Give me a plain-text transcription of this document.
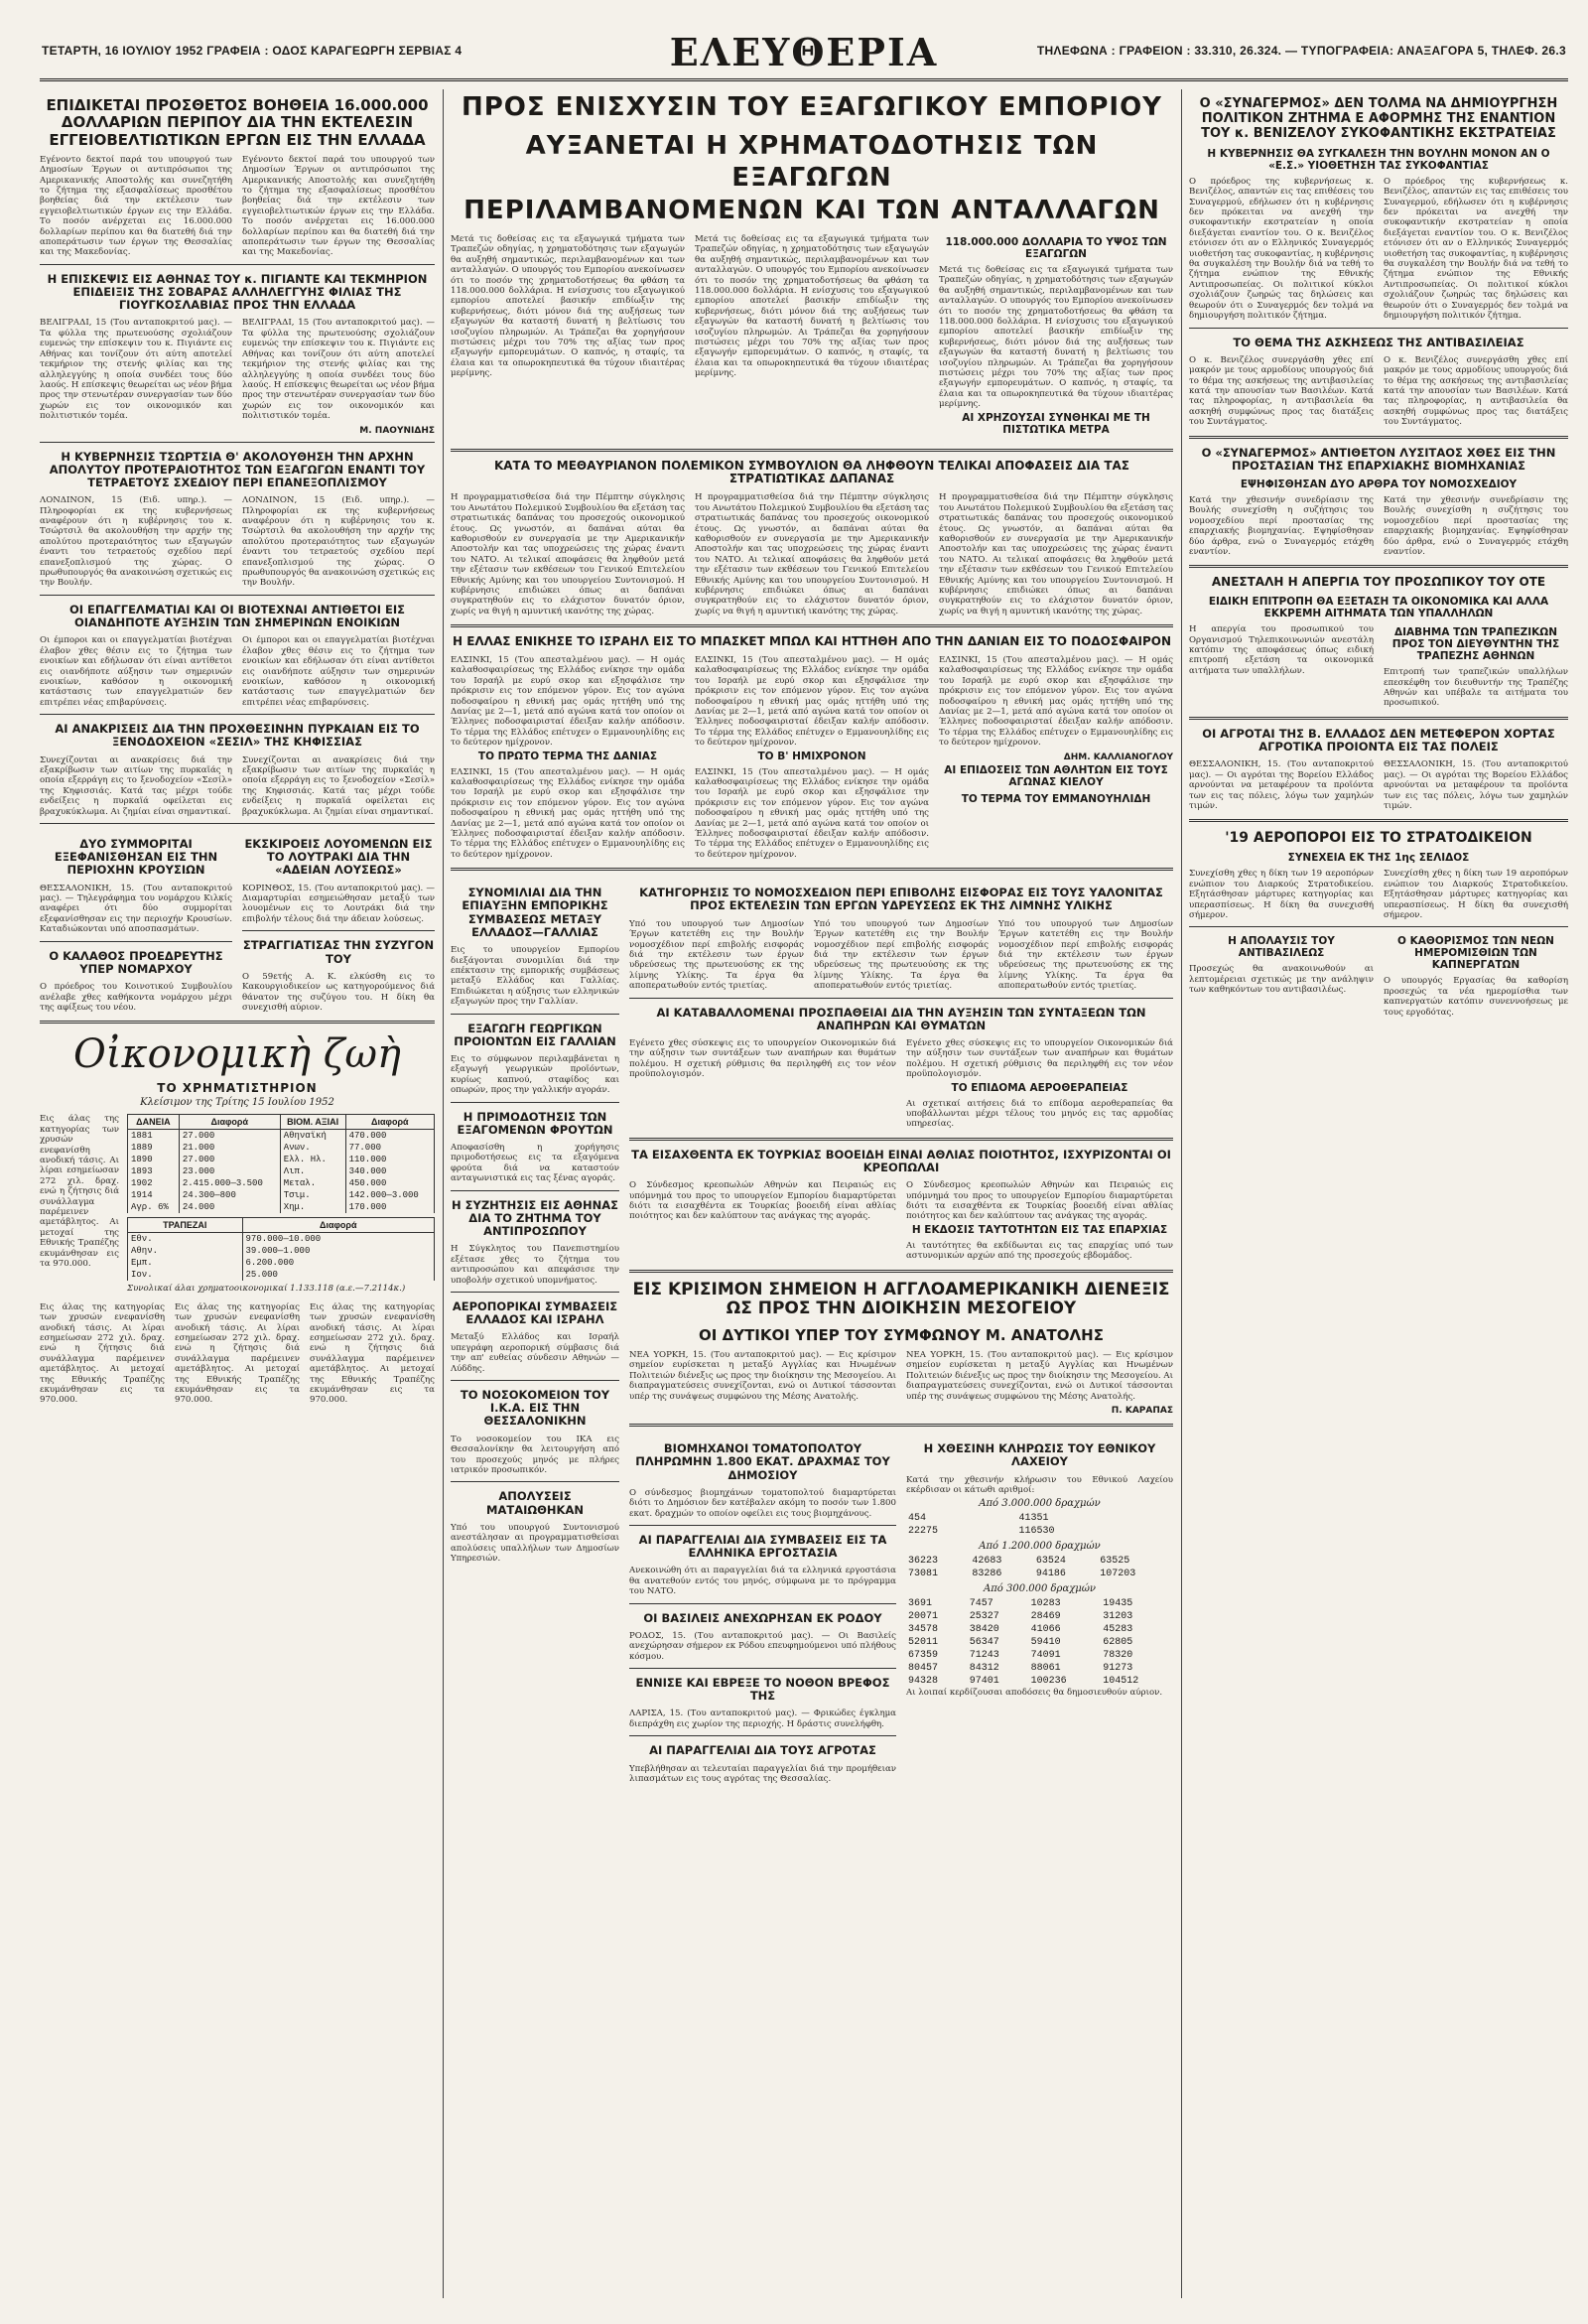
ΤΕΤΑΡΤΗ, 16 ΙΟΥΛΙΟΥ 1952 ΓΡΑΦΕΙΑ : ΟΔΟΣ ΚΑΡΑΓΕΩΡΓΗ ΣΕΡΒΙΑΣ 4	ΕΛΕΥΘΕΡΙΑ	ΤΗΛΕΦΩΝΑ : ΓΡΑΦΕΙΟΝ : 33.310, 26.324. — ΤΥΠΟΓΡΑΦΕΙΑ: ΑΝΑΞΑΓΟΡΑ 5, ΤΗΛΕΦ. 26.3
ΕΠΙΔΙΚΕΤΑΙ ΠΡΟΣΘΕΤΟΣ ΒΟΗΘΕΙΑ 16.000.000 ΔΟΛΛΑΡΙΩΝ ΠΕΡΙΠΟΥ ΔΙΑ ΤΗΝ ΕΚΤΕΛΕΣΙΝ ΕΓΓΕΙΟΒΕΛΤΙΩΤΙΚΩΝ ΕΡΓΩΝ ΕΙΣ ΤΗΝ ΕΛΛΑΔΑ
Εγένοντο δεκτοί παρά του υπουργού των Δημοσίων Έργων οι αντιπρόσωποι της Αμερικανικής Αποστολής και συνεζητήθη το ζήτημα της εξασφαλίσεως προσθέτου βοηθείας διά την εκτέλεσιν των εγγειοβελτιωτικών έργων εις την Ελλάδα. Το ποσόν ανέρχεται εις 16.000.000 δολλαρίων περίπου και θα διατεθή διά την αποπεράτωσιν των έργων της Θεσσαλίας και της Μακεδονίας.
Εγένοντο δεκτοί παρά του υπουργού των Δημοσίων Έργων οι αντιπρόσωποι της Αμερικανικής Αποστολής και συνεζητήθη το ζήτημα της εξασφαλίσεως προσθέτου βοηθείας διά την εκτέλεσιν των εγγειοβελτιωτικών έργων εις την Ελλάδα. Το ποσόν ανέρχεται εις 16.000.000 δολλαρίων περίπου και θα διατεθή διά την αποπεράτωσιν των έργων της Θεσσαλίας και της Μακεδονίας.
Η ΕΠΙΣΚΕΨΙΣ ΕΙΣ ΑΘΗΝΑΣ ΤΟΥ κ. ΠΙΓΙΑΝΤΕ ΚΑΙ ΤΕΚΜΗΡΙΟΝ ΕΠΙΔΕΙΞΙΣ ΤΗΣ ΣΟΒΑΡΑΣ ΑΛΛΗΛΕΓΓΥΗΣ ΦΙΛΙΑΣ ΤΗΣ ΓΙΟΥΓΚΟΣΛΑΒΙΑΣ ΠΡΟΣ ΤΗΝ ΕΛΛΑΔΑ
ΒΕΛΙΓΡΑΔΙ, 15 (Του ανταποκριτού μας). — Τα φύλλα της πρωτευούσης σχολιάζουν ευμενώς την επίσκεψιν του κ. Πιγιάντε εις Αθήνας και τονίζουν ότι αύτη αποτελεί τεκμήριον της στενής φιλίας και της αλληλεγγύης η οποία συνδέει τους δύο λαούς. Η επίσκεψις θεωρείται ως νέον βήμα προς την στενωτέραν συνεργασίαν των δύο χωρών εις τον οικονομικόν και πολιτιστικόν τομέα.
ΒΕΛΙΓΡΑΔΙ, 15 (Του ανταποκριτού μας). — Τα φύλλα της πρωτευούσης σχολιάζουν ευμενώς την επίσκεψιν του κ. Πιγιάντε εις Αθήνας και τονίζουν ότι αύτη αποτελεί τεκμήριον της στενής φιλίας και της αλληλεγγύης η οποία συνδέει τους δύο λαούς. Η επίσκεψις θεωρείται ως νέον βήμα προς την στενωτέραν συνεργασίαν των δύο χωρών εις τον οικονομικόν και πολιτιστικόν τομέα.
Μ. ΠΑΟΥΝΙΔΗΣ
Η ΚΥΒΕΡΝΗΣΙΣ ΤΣΩΡΤΣΙΑ Θ' ΑΚΟΛΟΥΘΗΣΗ ΤΗΝ ΑΡΧΗΝ ΑΠΟΛΥΤΟΥ ΠΡΟΤΕΡΑΙΟΤΗΤΟΣ ΤΩΝ ΕΞΑΓΩΓΩΝ ΕΝΑΝΤΙ ΤΟΥ ΤΕΤΡΑΕΤΟΥΣ ΣΧΕΔΙΟΥ ΠΕΡΙ ΕΠΑΝΕΞΟΠΛΙΣΜΟΥ
ΛΟΝΔΙΝΟΝ, 15 (Ειδ. υπηρ.). — Πληροφορίαι εκ της κυβερνήσεως αναφέρουν ότι η κυβέρνησις του κ. Τσώρτσιλ θα ακολουθήση την αρχήν της απολύτου προτεραιότητος των εξαγωγών έναντι του τετραετούς σχεδίου περί επανεξοπλισμού της χώρας. Ο πρωθυπουργός θα ανακοινώση σχετικώς εις την Βουλήν.
ΛΟΝΔΙΝΟΝ, 15 (Ειδ. υπηρ.). — Πληροφορίαι εκ της κυβερνήσεως αναφέρουν ότι η κυβέρνησις του κ. Τσώρτσιλ θα ακολουθήση την αρχήν της απολύτου προτεραιότητος των εξαγωγών έναντι του τετραετούς σχεδίου περί επανεξοπλισμού της χώρας. Ο πρωθυπουργός θα ανακοινώση σχετικώς εις την Βουλήν.
ΟΙ ΕΠΑΓΓΕΛΜΑΤΙΑΙ ΚΑΙ ΟΙ ΒΙΟΤΕΧΝΑΙ ΑΝΤΙΘΕΤΟΙ ΕΙΣ ΟΙΑΝΔΗΠΟΤΕ ΑΥΞΗΣΙΝ ΤΩΝ ΣΗΜΕΡΙΝΩΝ ΕΝΟΙΚΙΩΝ
Οι έμποροι και οι επαγγελματίαι βιοτέχναι έλαβον χθες θέσιν εις το ζήτημα των ενοικίων και εδήλωσαν ότι είναι αντίθετοι εις οιανδήποτε αύξησιν των σημερινών ενοικίων, καθόσον η οικονομική κατάστασις των επαγγελματιών δεν επιτρέπει νέας επιβαρύνσεις.
Οι έμποροι και οι επαγγελματίαι βιοτέχναι έλαβον χθες θέσιν εις το ζήτημα των ενοικίων και εδήλωσαν ότι είναι αντίθετοι εις οιανδήποτε αύξησιν των σημερινών ενοικίων, καθόσον η οικονομική κατάστασις των επαγγελματιών δεν επιτρέπει νέας επιβαρύνσεις.
ΑΙ ΑΝΑΚΡΙΣΕΙΣ ΔΙΑ ΤΗΝ ΠΡΟΧΘΕΣΙΝΗΝ ΠΥΡΚΑΙΑΝ ΕΙΣ ΤΟ ΞΕΝΟΔΟΧΕΙΟΝ «ΣΕΣΙΛ» ΤΗΣ ΚΗΦΙΣΣΙΑΣ
Συνεχίζονται αι ανακρίσεις διά την εξακρίβωσιν των αιτίων της πυρκαϊάς η οποία εξερράγη εις το ξενοδοχείον «Σεσίλ» της Κηφισσιάς. Κατά τας μέχρι τούδε ενδείξεις η πυρκαϊά οφείλεται εις βραχυκύκλωμα. Αι ζημίαι είναι σημαντικαί.
Συνεχίζονται αι ανακρίσεις διά την εξακρίβωσιν των αιτίων της πυρκαϊάς η οποία εξερράγη εις το ξενοδοχείον «Σεσίλ» της Κηφισσιάς. Κατά τας μέχρι τούδε ενδείξεις η πυρκαϊά οφείλεται εις βραχυκύκλωμα. Αι ζημίαι είναι σημαντικαί.
ΔΥΟ ΣΥΜΜΟΡΙΤΑΙ ΕΞΕΦΑΝΙΣΘΗΣΑΝ ΕΙΣ ΤΗΝ ΠΕΡΙΟΧΗΝ ΚΡΟΥΣΙΩΝ
ΘΕΣΣΑΛΟΝΙΚΗ, 15. (Του ανταποκριτού μας). — Τηλεγράφημα του νομάρχου Κιλκίς αναφέρει ότι δύο συμμορίται εξεφανίσθησαν εις την περιοχήν Κρουσίων. Καταδιώκονται υπό αποσπασμάτων.
Ο ΚΑΛΑΘΟΣ ΠΡΟΕΔΡΕΥΤΗΣ ΥΠΕΡ ΝΟΜΑΡΧΟΥ
Ο πρόεδρος του Κοινοτικού Συμβουλίου ανέλαβε χθες καθήκοντα νομάρχου μέχρι της αφίξεως του νέου.
ΕΚΣΚΙΡΟΕΙΣ ΛΟΥΟΜΕΝΩΝ ΕΙΣ ΤΟ ΛΟΥΤΡΑΚΙ ΔΙΑ ΤΗΝ «ΑΔΕΙΑΝ ΛΟΥΣΕΩΣ»
ΚΟΡΙΝΘΟΣ, 15. (Του ανταποκριτού μας). — Διαμαρτυρίαι εσημειώθησαν μεταξύ των λουομένων εις το Λουτράκι διά την επιβολήν τέλους διά την άδειαν λούσεως.
ΣΤΡΑΓΓΙΑΤΙΣΑΣ ΤΗΝ ΣΥΖΥΓΟΝ ΤΟΥ
Ο 59ετής Α. Κ. ελκύσθη εις το Κακουργιοδικείον ως κατηγορούμενος διά θάνατον της συζύγου του. Η δίκη θα συνεχισθή αύριον.
Οἰκονομικὴ ζωὴ
ΤΟ ΧΡΗΜΑΤΙΣΤΗΡΙΟΝ
Κλείσιμον της Τρίτης 15 Ιουλίου 1952
Εις άλας της κατηγορίας των χρυσών ενεφανίσθη ανοδική τάσις. Αι λίραι εσημείωσαν 272 χιλ. δραχ. ενώ η ζήτησις διά συνάλλαγμα παρέμεινεν αμετάβλητος. Αι μετοχαί της Εθνικής Τραπέζης εκυμάνθησαν εις τα 970.000.
ΔΑΝΕΙΑ	Διαφορά	ΒΙΟΜ. ΑΞΙΑΙ	Διαφορά
1881	27.000	Αθηναϊκή	470.000
1889	21.000	Ανων.	77.000
1890	27.000	Ελλ. Ηλ.	110.000
1893	23.000	Λιπ.	340.000
1902	2.415.000—3.500	Μεταλ.	450.000
1914	24.300—800	Τσιμ.	142.000—3.000
Αγρ. 6%	24.000	Χημ.	170.000
ΤΡΑΠΕΖΑΙ	Διαφορά
Εθν.	970.000—10.000
Αθην.	39.000—1.000
Εμπ.	6.200.000
Ιον.	25.000
Συνολικαί άλαι χρηματοοικονομικαί 1.133.118 (α.ε.—7.2114κ.)
Εις άλας της κατηγορίας των χρυσών ενεφανίσθη ανοδική τάσις. Αι λίραι εσημείωσαν 272 χιλ. δραχ. ενώ η ζήτησις διά συνάλλαγμα παρέμεινεν αμετάβλητος. Αι μετοχαί της Εθνικής Τραπέζης εκυμάνθησαν εις τα 970.000.
Εις άλας της κατηγορίας των χρυσών ενεφανίσθη ανοδική τάσις. Αι λίραι εσημείωσαν 272 χιλ. δραχ. ενώ η ζήτησις διά συνάλλαγμα παρέμεινεν αμετάβλητος. Αι μετοχαί της Εθνικής Τραπέζης εκυμάνθησαν εις τα 970.000.
Εις άλας της κατηγορίας των χρυσών ενεφανίσθη ανοδική τάσις. Αι λίραι εσημείωσαν 272 χιλ. δραχ. ενώ η ζήτησις διά συνάλλαγμα παρέμεινεν αμετάβλητος. Αι μετοχαί της Εθνικής Τραπέζης εκυμάνθησαν εις τα 970.000.
ΠΡΟΣ ΕΝΙΣΧΥΣΙΝ ΤΟΥ ΕΞΑΓΩΓΙΚΟΥ ΕΜΠΟΡΙΟΥ
ΑΥΞΑΝΕΤΑΙ Η ΧΡΗΜΑΤΟΔΟΤΗΣΙΣ ΤΩΝ ΕΞΑΓΩΓΩΝ
ΠΕΡΙΛΑΜΒΑΝΟΜΕΝΩΝ ΚΑΙ ΤΩΝ ΑΝΤΑΛΛΑΓΩΝ
Μετά τις δοθείσας εις τα εξαγωγικά τμήματα των Τραπεζών οδηγίας, η χρηματοδότησις των εξαγωγών θα αυξηθή σημαντικώς, περιλαμβανομένων και των ανταλλαγών. Ο υπουργός του Εμπορίου ανεκοίνωσεν ότι το ποσόν της χρηματοδοτήσεως θα φθάση τα 118.000.000 δολλάρια. Η ενίσχυσις του εξαγωγικού εμπορίου αποτελεί βασικήν επιδίωξιν της κυβερνήσεως, διότι μόνον διά της αυξήσεως των εξαγωγών θα καταστή δυνατή η βελτίωσις του ισοζυγίου πληρωμών. Αι Τράπεζαι θα χορηγήσουν πιστώσεις μέχρι του 70% της αξίας των προς εξαγωγήν εμπορευμάτων. Ο καπνός, η σταφίς, τα έλαια και τα οπωροκηπευτικά θα τύχουν ιδιαιτέρας μερίμνης.
Μετά τις δοθείσας εις τα εξαγωγικά τμήματα των Τραπεζών οδηγίας, η χρηματοδότησις των εξαγωγών θα αυξηθή σημαντικώς, περιλαμβανομένων και των ανταλλαγών. Ο υπουργός του Εμπορίου ανεκοίνωσεν ότι το ποσόν της χρηματοδοτήσεως θα φθάση τα 118.000.000 δολλάρια. Η ενίσχυσις του εξαγωγικού εμπορίου αποτελεί βασικήν επιδίωξιν της κυβερνήσεως, διότι μόνον διά της αυξήσεως των εξαγωγών θα καταστή δυνατή η βελτίωσις του ισοζυγίου πληρωμών. Αι Τράπεζαι θα χορηγήσουν πιστώσεις μέχρι του 70% της αξίας των προς εξαγωγήν εμπορευμάτων. Ο καπνός, η σταφίς, τα έλαια και τα οπωροκηπευτικά θα τύχουν ιδιαιτέρας μερίμνης.
118.000.000 ΔΟΛΛΑΡΙΑ ΤΟ ΥΨΟΣ ΤΩΝ ΕΞΑΓΩΓΩΝ
Μετά τις δοθείσας εις τα εξαγωγικά τμήματα των Τραπεζών οδηγίας, η χρηματοδότησις των εξαγωγών θα αυξηθή σημαντικώς, περιλαμβανομένων και των ανταλλαγών. Ο υπουργός του Εμπορίου ανεκοίνωσεν ότι το ποσόν της χρηματοδοτήσεως θα φθάση τα 118.000.000 δολλάρια. Η ενίσχυσις του εξαγωγικού εμπορίου αποτελεί βασικήν επιδίωξιν της κυβερνήσεως, διότι μόνον διά της αυξήσεως των εξαγωγών θα καταστή δυνατή η βελτίωσις του ισοζυγίου πληρωμών. Αι Τράπεζαι θα χορηγήσουν πιστώσεις μέχρι του 70% της αξίας των προς εξαγωγήν εμπορευμάτων. Ο καπνός, η σταφίς, τα έλαια και τα οπωροκηπευτικά θα τύχουν ιδιαιτέρας μερίμνης.
ΑΙ ΧΡΗΖΟΥΣΑΙ ΣΥΝΘΗΚΑΙ ΜΕ ΤΗ ΠΙΣΤΩΤΙΚΑ ΜΕΤΡΑ
ΚΑΤΑ ΤΟ ΜΕΘΑΥΡΙΑΝΟΝ ΠΟΛΕΜΙΚΟΝ ΣΥΜΒΟΥΛΙΟΝ ΘΑ ΛΗΦΘΟΥΝ ΤΕΛΙΚΑΙ ΑΠΟΦΑΣΕΙΣ ΔΙΑ ΤΑΣ ΣΤΡΑΤΙΩΤΙΚΑΣ ΔΑΠΑΝΑΣ
Η προγραμματισθείσα διά την Πέμπτην σύγκλησις του Ανωτάτου Πολεμικού Συμβουλίου θα εξετάση τας στρατιωτικάς δαπάνας του προσεχούς οικονομικού έτους. Ως γνωστόν, αι δαπάναι αύται θα καθορισθούν εν συνεργασία με την Αμερικανικήν Αποστολήν και τας υποχρεώσεις της χώρας έναντι του ΝΑΤΟ. Αι τελικαί αποφάσεις θα ληφθούν μετά την εξέτασιν των εκθέσεων του Γενικού Επιτελείου Εθνικής Αμύνης και του υπουργείου Συντονισμού. Η κυβέρνησις επιδιώκει όπως αι δαπάναι συγκρατηθούν εις το ελάχιστον δυνατόν όριον, χωρίς να θιγή η αμυντική ικανότης της χώρας.
Η προγραμματισθείσα διά την Πέμπτην σύγκλησις του Ανωτάτου Πολεμικού Συμβουλίου θα εξετάση τας στρατιωτικάς δαπάνας του προσεχούς οικονομικού έτους. Ως γνωστόν, αι δαπάναι αύται θα καθορισθούν εν συνεργασία με την Αμερικανικήν Αποστολήν και τας υποχρεώσεις της χώρας έναντι του ΝΑΤΟ. Αι τελικαί αποφάσεις θα ληφθούν μετά την εξέτασιν των εκθέσεων του Γενικού Επιτελείου Εθνικής Αμύνης και του υπουργείου Συντονισμού. Η κυβέρνησις επιδιώκει όπως αι δαπάναι συγκρατηθούν εις το ελάχιστον δυνατόν όριον, χωρίς να θιγή η αμυντική ικανότης της χώρας.
Η προγραμματισθείσα διά την Πέμπτην σύγκλησις του Ανωτάτου Πολεμικού Συμβουλίου θα εξετάση τας στρατιωτικάς δαπάνας του προσεχούς οικονομικού έτους. Ως γνωστόν, αι δαπάναι αύται θα καθορισθούν εν συνεργασία με την Αμερικανικήν Αποστολήν και τας υποχρεώσεις της χώρας έναντι του ΝΑΤΟ. Αι τελικαί αποφάσεις θα ληφθούν μετά την εξέτασιν των εκθέσεων του Γενικού Επιτελείου Εθνικής Αμύνης και του υπουργείου Συντονισμού. Η κυβέρνησις επιδιώκει όπως αι δαπάναι συγκρατηθούν εις το ελάχιστον δυνατόν όριον, χωρίς να θιγή η αμυντική ικανότης της χώρας.
Η ΕΛΛΑΣ ΕΝΙΚΗΣΕ ΤΟ ΙΣΡΑΗΛ ΕΙΣ ΤΟ ΜΠΑΣΚΕΤ ΜΠΩΛ ΚΑΙ ΗΤΤΗΘΗ ΑΠΟ ΤΗΝ ΔΑΝΙΑΝ ΕΙΣ ΤΟ ΠΟΔΟΣΦΑΙΡΟΝ
ΕΛΣΙΝΚΙ, 15 (Του απεσταλμένου μας). — Η ομάς καλαθοσφαιρίσεως της Ελλάδος ενίκησε την ομάδα του Ισραήλ με ευρύ σκορ και εξησφάλισε την πρόκρισιν εις τον επόμενον γύρον. Εις τον αγώνα ποδοσφαίρου η εθνική μας ομάς ηττήθη υπό της Δανίας με 2—1, μετά από αγώνα κατά τον οποίον οι Έλληνες ποδοσφαιρισταί έδειξαν καλήν απόδοσιν. Το τέρμα της Ελλάδος επέτυχεν ο Εμμανουηλίδης εις το δεύτερον ημίχρονον.
ΤΟ ΠΡΩΤΟ ΤΕΡΜΑ ΤΗΣ ΔΑΝΙΑΣ
ΕΛΣΙΝΚΙ, 15 (Του απεσταλμένου μας). — Η ομάς καλαθοσφαιρίσεως της Ελλάδος ενίκησε την ομάδα του Ισραήλ με ευρύ σκορ και εξησφάλισε την πρόκρισιν εις τον επόμενον γύρον. Εις τον αγώνα ποδοσφαίρου η εθνική μας ομάς ηττήθη υπό της Δανίας με 2—1, μετά από αγώνα κατά τον οποίον οι Έλληνες ποδοσφαιρισταί έδειξαν καλήν απόδοσιν. Το τέρμα της Ελλάδος επέτυχεν ο Εμμανουηλίδης εις το δεύτερον ημίχρονον.
ΕΛΣΙΝΚΙ, 15 (Του απεσταλμένου μας). — Η ομάς καλαθοσφαιρίσεως της Ελλάδος ενίκησε την ομάδα του Ισραήλ με ευρύ σκορ και εξησφάλισε την πρόκρισιν εις τον επόμενον γύρον. Εις τον αγώνα ποδοσφαίρου η εθνική μας ομάς ηττήθη υπό της Δανίας με 2—1, μετά από αγώνα κατά τον οποίον οι Έλληνες ποδοσφαιρισταί έδειξαν καλήν απόδοσιν. Το τέρμα της Ελλάδος επέτυχεν ο Εμμανουηλίδης εις το δεύτερον ημίχρονον.
ΤΟ Β' ΗΜΙΧΡΟΝΟΝ
ΕΛΣΙΝΚΙ, 15 (Του απεσταλμένου μας). — Η ομάς καλαθοσφαιρίσεως της Ελλάδος ενίκησε την ομάδα του Ισραήλ με ευρύ σκορ και εξησφάλισε την πρόκρισιν εις τον επόμενον γύρον. Εις τον αγώνα ποδοσφαίρου η εθνική μας ομάς ηττήθη υπό της Δανίας με 2—1, μετά από αγώνα κατά τον οποίον οι Έλληνες ποδοσφαιρισταί έδειξαν καλήν απόδοσιν. Το τέρμα της Ελλάδος επέτυχεν ο Εμμανουηλίδης εις το δεύτερον ημίχρονον.
ΕΛΣΙΝΚΙ, 15 (Του απεσταλμένου μας). — Η ομάς καλαθοσφαιρίσεως της Ελλάδος ενίκησε την ομάδα του Ισραήλ με ευρύ σκορ και εξησφάλισε την πρόκρισιν εις τον επόμενον γύρον. Εις τον αγώνα ποδοσφαίρου η εθνική μας ομάς ηττήθη υπό της Δανίας με 2—1, μετά από αγώνα κατά τον οποίον οι Έλληνες ποδοσφαιρισταί έδειξαν καλήν απόδοσιν. Το τέρμα της Ελλάδος επέτυχεν ο Εμμανουηλίδης εις το δεύτερον ημίχρονον.
ΔΗΜ. ΚΑΛΛΙΑΝΟΓΛΟΥ
ΑΙ ΕΠΙΔΟΣΕΙΣ ΤΩΝ ΑΘΛΗΤΩΝ ΕΙΣ ΤΟΥΣ ΑΓΩΝΑΣ ΚΙΕΛΟΥ
ΤΟ ΤΕΡΜΑ ΤΟΥ ΕΜΜΑΝΟΥΗΛΙΔΗ
ΣΥΝΟΜΙΛΙΑΙ ΔΙΑ ΤΗΝ ΕΠΙΑΥΞΗΝ ΕΜΠΟΡΙΚΗΣ ΣΥΜΒΑΣΕΩΣ ΜΕΤΑΞΥ ΕΛΛΑΔΟΣ—ΓΑΛΛΙΑΣ
Εις το υπουργείον Εμπορίου διεξάγονται συνομιλίαι διά την επέκτασιν της εμπορικής συμβάσεως μεταξύ Ελλάδος και Γαλλίας. Επιδιώκεται η αύξησις των ελληνικών εξαγωγών προς την Γαλλίαν.
ΕΞΑΓΩΓΗ ΓΕΩΡΓΙΚΩΝ ΠΡΟΙΟΝΤΩΝ ΕΙΣ ΓΑΛΛΙΑΝ
Εις το σύμφωνον περιλαμβάνεται η εξαγωγή γεωργικών προϊόντων, κυρίως καπνού, σταφίδος και οπωρών, προς την γαλλικήν αγοράν.
Η ΠΡΙΜΟΔΟΤΗΣΙΣ ΤΩΝ ΕΞΑΓΟΜΕΝΩΝ ΦΡΟΥΤΩΝ
Αποφασίσθη η χορήγησις πριμοδοτήσεως εις τα εξαγόμενα φρούτα διά να καταστούν ανταγωνιστικά εις τας ξένας αγοράς.
Η ΣΥΖΗΤΗΣΙΣ ΕΙΣ ΑΘΗΝΑΣ ΔΙΑ ΤΟ ΖΗΤΗΜΑ ΤΟΥ ΑΝΤΙΠΡΟΣΩΠΟΥ
Η Σύγκλητος του Πανεπιστημίου εξέτασε χθες το ζήτημα του αντιπροσώπου και απεφάσισε την υποβολήν σχετικού υπομνήματος.
ΑΕΡΟΠΟΡΙΚΑΙ ΣΥΜΒΑΣΕΙΣ ΕΛΛΑΔΟΣ ΚΑΙ ΙΣΡΑΗΛ
Μεταξύ Ελλάδος και Ισραήλ υπεγράφη αεροπορική σύμβασις διά την απ' ευθείας σύνδεσιν Αθηνών — Λύδδης.
ΤΟ ΝΟΣΟΚΟΜΕΙΟΝ ΤΟΥ Ι.Κ.Α. ΕΙΣ ΤΗΝ ΘΕΣΣΑΛΟΝΙΚΗΝ
Το νοσοκομείον του ΙΚΑ εις Θεσσαλονίκην θα λειτουργήση από του προσεχούς μηνός με πλήρες ιατρικόν προσωπικόν.
ΑΠΟΛΥΣΕΙΣ ΜΑΤΑΙΩΘΗΚΑΝ
Υπό του υπουργού Συντονισμού ανεστάλησαν αι προγραμματισθείσαι απολύσεις υπαλλήλων των Δημοσίων Υπηρεσιών.
ΚΑΤΗΓΟΡΗΣΙΣ ΤΟ ΝΟΜΟΣΧΕΔΙΟΝ ΠΕΡΙ ΕΠΙΒΟΛΗΣ ΕΙΣΦΟΡΑΣ ΕΙΣ ΤΟΥΣ ΥΑΛΟΝΙΤΑΣ ΠΡΟΣ ΕΚΤΕΛΕΣΙΝ ΤΩΝ ΕΡΓΩΝ ΥΔΡΕΥΣΕΩΣ ΕΚ ΤΗΣ ΛΙΜΝΗΣ ΥΛΙΚΗΣ
Υπό του υπουργού των Δημοσίων Έργων κατετέθη εις την Βουλήν νομοσχέδιον περί επιβολής εισφοράς διά την εκτέλεσιν των έργων υδρεύσεως της πρωτευούσης εκ της λίμνης Υλίκης. Τα έργα θα αποπερατωθούν εντός τριετίας.
Υπό του υπουργού των Δημοσίων Έργων κατετέθη εις την Βουλήν νομοσχέδιον περί επιβολής εισφοράς διά την εκτέλεσιν των έργων υδρεύσεως της πρωτευούσης εκ της λίμνης Υλίκης. Τα έργα θα αποπερατωθούν εντός τριετίας.
Υπό του υπουργού των Δημοσίων Έργων κατετέθη εις την Βουλήν νομοσχέδιον περί επιβολής εισφοράς διά την εκτέλεσιν των έργων υδρεύσεως της πρωτευούσης εκ της λίμνης Υλίκης. Τα έργα θα αποπερατωθούν εντός τριετίας.
ΑΙ ΚΑΤΑΒΑΛΛΟΜΕΝΑΙ ΠΡΟΣΠΑΘΕΙΑΙ ΔΙΑ ΤΗΝ ΑΥΞΗΣΙΝ ΤΩΝ ΣΥΝΤΑΞΕΩΝ ΤΩΝ ΑΝΑΠΗΡΩΝ ΚΑΙ ΘΥΜΑΤΩΝ
Εγένετο χθες σύσκεψις εις το υπουργείον Οικονομικών διά την αύξησιν των συντάξεων των αναπήρων και θυμάτων πολέμου. Η σχετική ρύθμισις θα περιληφθή εις τον νέον προϋπολογισμόν.
Εγένετο χθες σύσκεψις εις το υπουργείον Οικονομικών διά την αύξησιν των συντάξεων των αναπήρων και θυμάτων πολέμου. Η σχετική ρύθμισις θα περιληφθή εις τον νέον προϋπολογισμόν.
ΤΟ ΕΠΙΔΟΜΑ ΑΕΡΟΘΕΡΑΠΕΙΑΣ
Αι σχετικαί αιτήσεις διά το επίδομα αεροθεραπείας θα υποβάλλωνται μέχρι τέλους του μηνός εις τας αρμοδίας υπηρεσίας.
ΤΑ ΕΙΣΑΧΘΕΝΤΑ ΕΚ ΤΟΥΡΚΙΑΣ ΒΟΟΕΙΔΗ ΕΙΝΑΙ ΑΘΛΙΑΣ ΠΟΙΟΤΗΤΟΣ, ΙΣΧΥΡΙΖΟΝΤΑΙ ΟΙ ΚΡΕΟΠΩΛΑΙ
Ο Σύνδεσμος κρεοπωλών Αθηνών και Πειραιώς εις υπόμνημά του προς το υπουργείον Εμπορίου διαμαρτύρεται διότι τα εισαχθέντα εκ Τουρκίας βοοειδή είναι αθλίας ποιότητος και δεν καλύπτουν τας ανάγκας της αγοράς.
Ο Σύνδεσμος κρεοπωλών Αθηνών και Πειραιώς εις υπόμνημά του προς το υπουργείον Εμπορίου διαμαρτύρεται διότι τα εισαχθέντα εκ Τουρκίας βοοειδή είναι αθλίας ποιότητος και δεν καλύπτουν τας ανάγκας της αγοράς.
Η ΕΚΔΟΣΙΣ ΤΑΥΤΟΤΗΤΩΝ ΕΙΣ ΤΑΣ ΕΠΑΡΧΙΑΣ
Αι ταυτότητες θα εκδίδωνται εις τας επαρχίας υπό των αστυνομικών αρχών από της προσεχούς εβδομάδος.
ΕΙΣ ΚΡΙΣΙΜΟΝ ΣΗΜΕΙΟΝ Η ΑΓΓΛΟΑΜΕΡΙΚΑΝΙΚΗ ΔΙΕΝΕΞΙΣ ΩΣ ΠΡΟΣ ΤΗΝ ΔΙΟΙΚΗΣΙΝ ΜΕΣΟΓΕΙΟΥ
ΟΙ ΔΥΤΙΚΟΙ ΥΠΕΡ ΤΟΥ ΣΥΜΦΩΝΟΥ Μ. ΑΝΑΤΟΛΗΣ
ΝΕΑ ΥΟΡΚΗ, 15. (Του ανταποκριτού μας). — Εις κρίσιμον σημείον ευρίσκεται η μεταξύ Αγγλίας και Ηνωμένων Πολιτειών διένεξις ως προς την διοίκησιν της Μεσογείου. Αι διαπραγματεύσεις συνεχίζονται, ενώ οι Δυτικοί τάσσονται υπέρ της συνάψεως συμφώνου της Μέσης Ανατολής.
ΝΕΑ ΥΟΡΚΗ, 15. (Του ανταποκριτού μας). — Εις κρίσιμον σημείον ευρίσκεται η μεταξύ Αγγλίας και Ηνωμένων Πολιτειών διένεξις ως προς την διοίκησιν της Μεσογείου. Αι διαπραγματεύσεις συνεχίζονται, ενώ οι Δυτικοί τάσσονται υπέρ της συνάψεως συμφώνου της Μέσης Ανατολής.
Π. ΚΑΡΑΠΑΣ
ΒΙΟΜΗΧΑΝΟΙ ΤΟΜΑΤΟΠΟΛΤΟΥ ΠΛΗΡΩΜΗΝ 1.800 ΕΚΑΤ. ΔΡΑΧΜΑΣ ΤΟΥ ΔΗΜΟΣΙΟΥ
Ο σύνδεσμος βιομηχάνων τοματοπολτού διαμαρτύρεται διότι το Δημόσιον δεν κατέβαλεν ακόμη το ποσόν των 1.800 εκατ. δραχμών το οποίον οφείλει εις τους βιομηχάνους.
ΑΙ ΠΑΡΑΓΓΕΛΙΑΙ ΔΙΑ ΣΥΜΒΑΣΕΙΣ ΕΙΣ ΤΑ ΕΛΛΗΝΙΚΑ ΕΡΓΟΣΤΑΣΙΑ
Ανεκοινώθη ότι αι παραγγελίαι διά τα ελληνικά εργοστάσια θα ανατεθούν εντός του μηνός, σύμφωνα με το πρόγραμμα του ΝΑΤΟ.
ΟΙ ΒΑΣΙΛΕΙΣ ΑΝΕΧΩΡΗΣΑΝ ΕΚ ΡΟΔΟΥ
ΡΟΔΟΣ, 15. (Του ανταποκριτού μας). — Οι Βασιλείς ανεχώρησαν σήμερον εκ Ρόδου επευφημούμενοι υπό πλήθους κόσμου.
ΕΝΝΙΣΕ ΚΑΙ ΕΒΡΕΞΕ ΤΟ ΝΟΘΟΝ ΒΡΕΦΟΣ ΤΗΣ
ΛΑΡΙΣΑ, 15. (Του ανταποκριτού μας). — Φρικώδες έγκλημα διεπράχθη εις χωρίον της περιοχής. Η δράστις συνελήφθη.
ΑΙ ΠΑΡΑΓΓΕΛΙΑΙ ΔΙΑ ΤΟΥΣ ΑΓΡΟΤΑΣ
Υπεβλήθησαν αι τελευταίαι παραγγελίαι διά την προμήθειαν λιπασμάτων εις τους αγρότας της Θεσσαλίας.
Η ΧΘΕΣΙΝΗ ΚΛΗΡΩΣΙΣ ΤΟΥ ΕΘΝΙΚΟΥ ΛΑΧΕΙΟΥ
Κατά την χθεσινήν κλήρωσιν του Εθνικού Λαχείου εκέρδισαν οι κάτωθι αριθμοί:
Από 3.000.000 δραχμών
454	41351		
22275	116530		
Από 1.200.000 δραχμών
36223	42683	63524	63525
73081	83286	94186	107203
Από 300.000 δραχμών
3691	7457	10283	19435
20071	25327	28469	31203
34578	38420	41066	45283
52011	56347	59410	62805
67359	71243	74091	78320
80457	84312	88061	91273
94328	97401	100236	104512
Αι λοιπαί κερδίζουσαι αποδόσεις θα δημοσιευθούν αύριον.
Ο «ΣΥΝΑΓΕΡΜΟΣ» ΔΕΝ ΤΟΛΜΑ ΝΑ ΔΗΜΙΟΥΡΓΗΣΗ ΠΟΛΙΤΙΚΟΝ ΖΗΤΗΜΑ Ε ΑΦΟΡΜΗΣ ΤΗΣ ΕΝΑΝΤΙΟΝ ΤΟΥ κ. ΒΕΝΙΖΕΛΟΥ ΣΥΚΟΦΑΝΤΙΚΗΣ ΕΚΣΤΡΑΤΕΙΑΣ
Η ΚΥΒΕΡΝΗΣΙΣ ΘΑ ΣΥΓΚΑΛΕΣΗ ΤΗΝ ΒΟΥΛΗΝ ΜΟΝΟΝ ΑΝ Ο «Ε.Σ.» ΥΙΟΘΕΤΗΣΗ ΤΑΣ ΣΥΚΟΦΑΝΤΙΑΣ
Ο πρόεδρος της κυβερνήσεως κ. Βενιζέλος, απαντών εις τας επιθέσεις του Συναγερμού, εδήλωσεν ότι η κυβέρνησις δεν πρόκειται να ανεχθή την συκοφαντικήν εκστρατείαν η οποία διεξάγεται εναντίον του. Ο κ. Βενιζέλος ετόνισεν ότι αν ο Ελληνικός Συναγερμός υιοθετήση τας συκοφαντίας, η κυβέρνησις θα συγκαλέση την Βουλήν διά να τεθή το ζήτημα ενώπιον της Εθνικής Αντιπροσωπείας. Οι πολιτικοί κύκλοι σχολιάζουν ζωηρώς τας δηλώσεις και θεωρούν ότι ο Συναγερμός δεν τολμά να δημιουργήση πολιτικόν ζήτημα.
Ο πρόεδρος της κυβερνήσεως κ. Βενιζέλος, απαντών εις τας επιθέσεις του Συναγερμού, εδήλωσεν ότι η κυβέρνησις δεν πρόκειται να ανεχθή την συκοφαντικήν εκστρατείαν η οποία διεξάγεται εναντίον του. Ο κ. Βενιζέλος ετόνισεν ότι αν ο Ελληνικός Συναγερμός υιοθετήση τας συκοφαντίας, η κυβέρνησις θα συγκαλέση την Βουλήν διά να τεθή το ζήτημα ενώπιον της Εθνικής Αντιπροσωπείας. Οι πολιτικοί κύκλοι σχολιάζουν ζωηρώς τας δηλώσεις και θεωρούν ότι ο Συναγερμός δεν τολμά να δημιουργήση πολιτικόν ζήτημα.
ΤΟ ΘΕΜΑ ΤΗΣ ΑΣΚΗΣΕΩΣ ΤΗΣ ΑΝΤΙΒΑΣΙΛΕΙΑΣ
Ο κ. Βενιζέλος συνεργάσθη χθες επί μακρόν με τους αρμοδίους υπουργούς διά το θέμα της ασκήσεως της αντιβασιλείας κατά την απουσίαν των Βασιλέων. Κατά τας πληροφορίας, η αντιβασιλεία θα ασκηθή συμφώνως προς τας διατάξεις του Συντάγματος.
Ο κ. Βενιζέλος συνεργάσθη χθες επί μακρόν με τους αρμοδίους υπουργούς διά το θέμα της ασκήσεως της αντιβασιλείας κατά την απουσίαν των Βασιλέων. Κατά τας πληροφορίας, η αντιβασιλεία θα ασκηθή συμφώνως προς τας διατάξεις του Συντάγματος.
Ο «ΣΥΝΑΓΕΡΜΟΣ» ΑΝΤΙΘΕΤΟΝ ΛΥΣΙΤΑΟΣ ΧΘΕΣ ΕΙΣ ΤΗΝ ΠΡΟΣΤΑΣΙΑΝ ΤΗΣ ΕΠΑΡΧΙΑΚΗΣ ΒΙΟΜΗΧΑΝΙΑΣ
ΕΨΗΦΙΣΘΗΣΑΝ ΔΥΟ ΑΡΘΡΑ ΤΟΥ ΝΟΜΟΣΧΕΔΙΟΥ
Κατά την χθεσινήν συνεδρίασιν της Βουλής συνεχίσθη η συζήτησις του νομοσχεδίου περί προστασίας της επαρχιακής βιομηχανίας. Εψηφίσθησαν δύο άρθρα, ενώ ο Συναγερμός ετάχθη εναντίον.
Κατά την χθεσινήν συνεδρίασιν της Βουλής συνεχίσθη η συζήτησις του νομοσχεδίου περί προστασίας της επαρχιακής βιομηχανίας. Εψηφίσθησαν δύο άρθρα, ενώ ο Συναγερμός ετάχθη εναντίον.
ΑΝΕΣΤΑΛΗ Η ΑΠΕΡΓΙΑ ΤΟΥ ΠΡΟΣΩΠΙΚΟΥ ΤΟΥ ΟΤΕ
ΕΙΔΙΚΗ ΕΠΙΤΡΟΠΗ ΘΑ ΕΞΕΤΑΣΗ ΤΑ ΟΙΚΟΝΟΜΙΚΑ ΚΑΙ ΑΛΛΑ ΕΚΚΡΕΜΗ ΑΙΤΗΜΑΤΑ ΤΩΝ ΥΠΑΛΛΗΛΩΝ
Η απεργία του προσωπικού του Οργανισμού Τηλεπικοινωνιών ανεστάλη κατόπιν της αποφάσεως όπως ειδική επιτροπή εξετάση τα οικονομικά αιτήματα των υπαλλήλων.
ΔΙΑΒΗΜΑ ΤΩΝ ΤΡΑΠΕΖΙΚΩΝ ΠΡΟΣ ΤΟΝ ΔΙΕΥΘΥΝΤΗΝ ΤΗΣ ΤΡΑΠΕΖΗΣ ΑΘΗΝΩΝ
Επιτροπή των τραπεζικών υπαλλήλων επεσκέφθη τον διευθυντήν της Τραπέζης Αθηνών και υπέβαλε τα αιτήματα του προσωπικού.
ΟΙ ΑΓΡΟΤΑΙ ΤΗΣ Β. ΕΛΛΑΔΟΣ ΔΕΝ ΜΕΤΕΦΕΡΟΝ ΧΟΡΤΑΣ ΑΓΡΟΤΙΚΑ ΠΡΟΙΟΝΤΑ ΕΙΣ ΤΑΣ ΠΟΛΕΙΣ
ΘΕΣΣΑΛΟΝΙΚΗ, 15. (Του ανταποκριτού μας). — Οι αγρόται της Βορείου Ελλάδος αρνούνται να μεταφέρουν τα προϊόντα των εις τας πόλεις, λόγω των χαμηλών τιμών.
ΘΕΣΣΑΛΟΝΙΚΗ, 15. (Του ανταποκριτού μας). — Οι αγρόται της Βορείου Ελλάδος αρνούνται να μεταφέρουν τα προϊόντα των εις τας πόλεις, λόγω των χαμηλών τιμών.
'19 ΑΕΡΟΠΟΡΟΙ ΕΙΣ ΤΟ ΣΤΡΑΤΟΔΙΚΕΙΟΝ
ΣΥΝΕΧΕΙΑ ΕΚ ΤΗΣ 1ης ΣΕΛΙΔΟΣ
Συνεχίσθη χθες η δίκη των 19 αεροπόρων ενώπιον του Διαρκούς Στρατοδικείου. Εξητάσθησαν μάρτυρες κατηγορίας και υπερασπίσεως. Η δίκη θα συνεχισθή σήμερον.
Συνεχίσθη χθες η δίκη των 19 αεροπόρων ενώπιον του Διαρκούς Στρατοδικείου. Εξητάσθησαν μάρτυρες κατηγορίας και υπερασπίσεως. Η δίκη θα συνεχισθή σήμερον.
Η ΑΠΟΛΑΥΣΙΣ ΤΟΥ ΑΝΤΙΒΑΣΙΛΕΩΣ
Προσεχώς θα ανακοινωθούν αι λεπτομέρειαι σχετικώς με την ανάληψιν των καθηκόντων του αντιβασιλέως.
Ο ΚΑΘΟΡΙΣΜΟΣ ΤΩΝ ΝΕΩΝ ΗΜΕΡΟΜΙΣΘΙΩΝ ΤΩΝ ΚΑΠΝΕΡΓΑΤΩΝ
Ο υπουργός Εργασίας θα καθορίση προσεχώς τα νέα ημερομίσθια των καπνεργατών κατόπιν συνεννοήσεως με τους εργοδότας.
